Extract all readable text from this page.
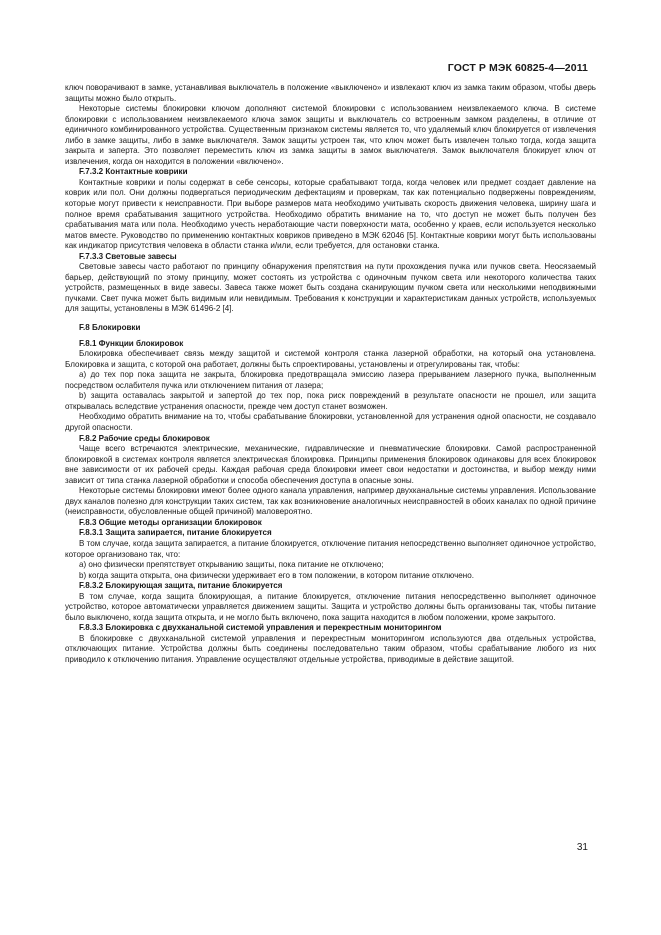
ГОСТ Р МЭК 60825-4—2011

ключ поворачивают в замке, устанавливая выключатель в положение «выключено» и извлекают ключ из замка таким образом, чтобы дверь защиты можно было открыть.

Некоторые системы блокировки ключом дополняют системой блокировки с использованием неизвлекаемого ключа. В системе блокировки с использованием неизвлекаемого ключа замок защиты и выключатель со встроенным замком разделены, в отличие от единичного комбинированного устройства. Существенным признаком системы является то, что удаляемый ключ блокируется от извлечения либо в замке защиты, либо в замке выключателя. Замок защиты устроен так, что ключ может быть извлечен только тогда, когда защита закрыта и заперта. Это позволяет переместить ключ из замка защиты в замок выключателя. Замок выключателя блокирует ключ от извлечения, когда он находится в положении «включено».

F.7.3.2 Контактные коврики

Контактные коврики и полы содержат в себе сенсоры, которые срабатывают тогда, когда человек или предмет создает давление на коврик или пол. Они должны подвергаться периодическим дефектациям и проверкам, так как потенциально подвержены повреждениям, которые могут привести к неисправности. При выборе размеров мата необходимо учитывать скорость движения человека, ширину шага и полное время срабатывания защитного устройства. Необходимо обратить внимание на то, что доступ не может быть получен без срабатывания мата или пола. Необходимо учесть неработающие части поверхности мата, особенно у краев, если используется несколько матов вместе. Руководство по применению контактных ковриков приведено в МЭК 62046 [5]. Контактные коврики могут быть использованы как индикатор присутствия человека в области станка и/или, если требуется, для остановки станка.

F.7.3.3 Световые завесы

Световые завесы часто работают по принципу обнаружения препятствия на пути прохождения пучка или пучков света. Неосязаемый барьер, действующий по этому принципу, может состоять из устройства с одиночным пучком света или некоторого количества таких устройств, размещенных в виде завесы. Завеса также может быть создана сканирующим пучком света или несколькими неподвижными пучками. Свет пучка может быть видимым или невидимым. Требования к конструкции и характеристикам данных устройств, используемых для защиты, установлены в МЭК 61496-2 [4].

F.8 Блокировки

F.8.1 Функции блокировок

Блокировка обеспечивает связь между защитой и системой контроля станка лазерной обработки, на который она установлена. Блокировка и защита, с которой она работает, должны быть спроектированы, установлены и отрегулированы так, чтобы:

a) до тех пор пока защита не закрыта, блокировка предотвращала эмиссию лазера прерыванием лазерного пучка, выполненным посредством ослабителя пучка или отключением питания от лазера;

b) защита оставалась закрытой и запертой до тех пор, пока риск повреждений в результате опасности не прошел, или защита открывалась вследствие устранения опасности, прежде чем доступ станет возможен.

Необходимо обратить внимание на то, чтобы срабатывание блокировки, установленной для устранения одной опасности, не создавало другой опасности.

F.8.2 Рабочие среды блокировок

Чаще всего встречаются электрические, механические, гидравлические и пневматические блокировки. Самой распространенной блокировкой в системах контроля является электрическая блокировка. Принципы применения блокировок одинаковы для всех блокировок вне зависимости от их рабочей среды. Каждая рабочая среда блокировки имеет свои недостатки и достоинства, и выбор между ними зависит от типа станка лазерной обработки и способа обеспечения доступа в опасные зоны.

Некоторые системы блокировки имеют более одного канала управления, например двухканальные системы управления. Использование двух каналов полезно для конструкции таких систем, так как возникновение аналогичных неисправностей в обоих каналах по одной причине (неисправности, обусловленные общей причиной) маловероятно.

F.8.3 Общие методы организации блокировок

F.8.3.1 Защита запирается, питание блокируется

В том случае, когда защита запирается, а питание блокируется, отключение питания непосредственно выполняет одиночное устройство, которое организовано так, что:

a) оно физически препятствует открыванию защиты, пока питание не отключено;

b) когда защита открыта, она физически удерживает его в том положении, в котором питание отключено.

F.8.3.2 Блокирующая защита, питание блокируется

В том случае, когда защита блокирующая, а питание блокируется, отключение питания непосредственно выполняет одиночное устройство, которое автоматически управляется движением защиты. Защита и устройство должны быть организованы так, чтобы питание было выключено, когда защита открыта, и не могло быть включено, пока защита находится в любом положении, кроме закрытого.

F.8.3.3 Блокировка с двухканальной системой управления и перекрестным мониторингом

В блокировке с двухканальной системой управления и перекрестным мониторингом используются два отдельных устройства, отключающих питание. Устройства должны быть соединены последовательно таким образом, чтобы срабатывание любого из них приводило к отключению питания. Управление осуществляют отдельные устройства, приводимые в действие защитой.

31
